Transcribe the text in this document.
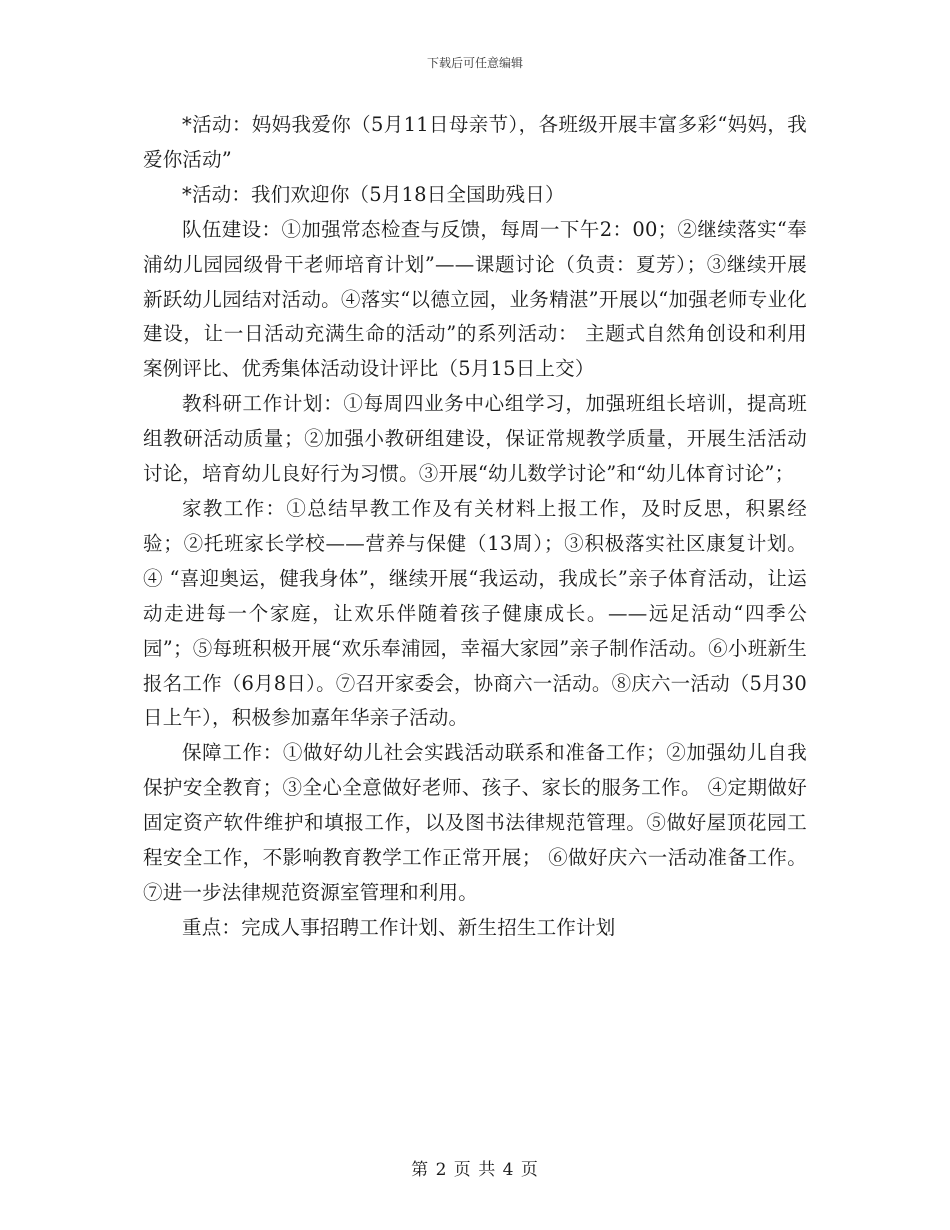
下载后可任意编辑

*活动：妈妈我爱你（5月11日母亲节），各班级开展丰富多彩“妈妈，我爱你活动”

*活动：我们欢迎你（5月18日全国助残日）

队伍建设：①加强常态检查与反馈，每周一下午2：00；②继续落实“奉浦幼儿园园级骨干老师培育计划”——课题讨论（负责：夏芳）；③继续开展新跃幼儿园结对活动。④落实“以德立园，业务精湛”开展以“加强老师专业化建设，让一日活动充满生命的活动”的系列活动： 主题式自然角创设和利用案例评比、优秀集体活动设计评比（5月15日上交）

教科研工作计划：①每周四业务中心组学习，加强班组长培训，提高班组教研活动质量；②加强小教研组建设，保证常规教学质量，开展生活活动讨论，培育幼儿良好行为习惯。③开展“幼儿数学讨论”和“幼儿体育讨论”；

家教工作：①总结早教工作及有关材料上报工作，及时反思，积累经验；②托班家长学校——营养与保健（13周）；③积极落实社区康复计划。④ “喜迎奥运，健我身体”，继续开展“我运动，我成长”亲子体育活动，让运动走进每一个家庭，让欢乐伴随着孩子健康成长。——远足活动“四季公园”；⑤每班积极开展“欢乐奉浦园，幸福大家园”亲子制作活动。⑥小班新生报名工作（6月8日）。⑦召开家委会，协商六一活动。⑧庆六一活动（5月30日上午），积极参加嘉年华亲子活动。

保障工作：①做好幼儿社会实践活动联系和准备工作；②加强幼儿自我保护安全教育；③全心全意做好老师、孩子、家长的服务工作。 ④定期做好固定资产软件维护和填报工作，以及图书法律规范管理。⑤做好屋顶花园工程安全工作，不影响教育教学工作正常开展； ⑥做好庆六一活动准备工作。⑦进一步法律规范资源室管理和利用。

重点：完成人事招聘工作计划、新生招生工作计划

第 2 页 共 4 页
